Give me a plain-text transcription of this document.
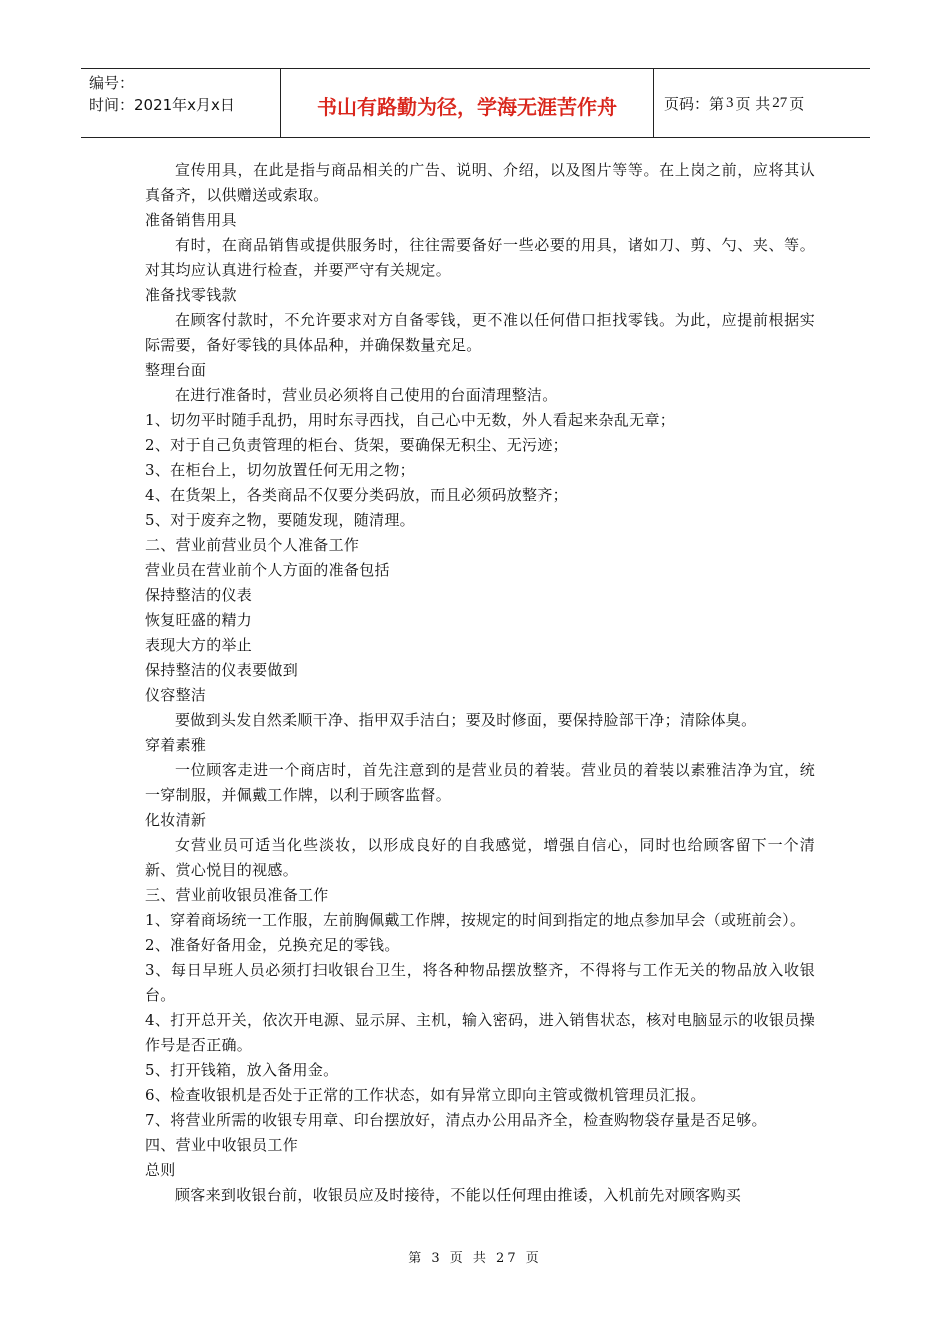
编号：
时间：2021年x月x日	书山有路勤为径，学海无涯苦作舟	页码：第 3 页 共 27 页

宣传用具，在此是指与商品相关的广告、说明、介绍，以及图片等等。在上岗之前，应将其认真备齐，以供赠送或索取。

准备销售用具

有时，在商品销售或提供服务时，往往需要备好一些必要的用具，诸如刀、剪、勺、夹、等。对其均应认真进行检查，并要严守有关规定。

准备找零钱款

在顾客付款时，不允许要求对方自备零钱，更不准以任何借口拒找零钱。为此，应提前根据实际需要，备好零钱的具体品种，并确保数量充足。

整理台面

在进行准备时，营业员必须将自己使用的台面清理整洁。

1、切勿平时随手乱扔，用时东寻西找，自己心中无数，外人看起来杂乱无章；

2、对于自己负责管理的柜台、货架，要确保无积尘、无污迹；

3、在柜台上，切勿放置任何无用之物；

4、在货架上，各类商品不仅要分类码放，而且必须码放整齐；

5、对于废弃之物，要随发现，随清理。

二、营业前营业员个人准备工作

营业员在营业前个人方面的准备包括

保持整洁的仪表

恢复旺盛的精力

表现大方的举止

保持整洁的仪表要做到

仪容整洁

要做到头发自然柔顺干净、指甲双手洁白；要及时修面，要保持脸部干净；清除体臭。

穿着素雅

一位顾客走进一个商店时，首先注意到的是营业员的着装。营业员的着装以素雅洁净为宜，统一穿制服，并佩戴工作牌，以利于顾客监督。

化妆清新

女营业员可适当化些淡妆，以形成良好的自我感觉，增强自信心，同时也给顾客留下一个清新、赏心悦目的视感。

三、营业前收银员准备工作

1、穿着商场统一工作服，左前胸佩戴工作牌，按规定的时间到指定的地点参加早会（或班前会）。

2、准备好备用金，兑换充足的零钱。

3、每日早班人员必须打扫收银台卫生，将各种物品摆放整齐，不得将与工作无关的物品放入收银台。

4、打开总开关，依次开电源、显示屏、主机，输入密码，进入销售状态，核对电脑显示的收银员操作号是否正确。

5、打开钱箱，放入备用金。

6、检查收银机是否处于正常的工作状态，如有异常立即向主管或微机管理员汇报。

7、将营业所需的收银专用章、印台摆放好，清点办公用品齐全，检查购物袋存量是否足够。

四、营业中收银员工作

总则

顾客来到收银台前，收银员应及时接待，不能以任何理由推诿，入机前先对顾客购买

第 3 页 共 27 页
